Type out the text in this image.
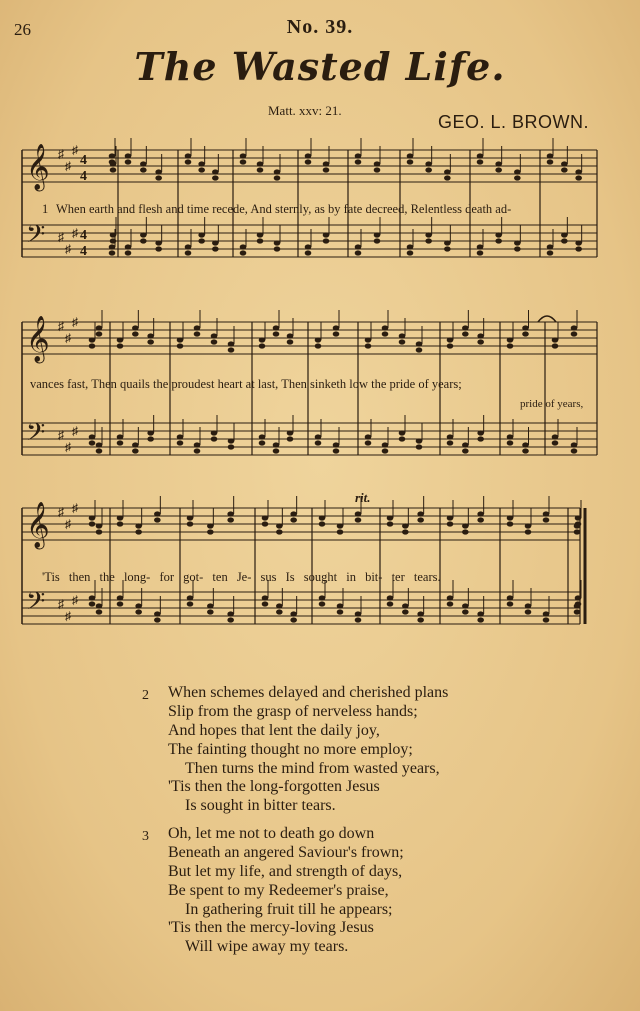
26	No. 39.
The Wasted Life.
Matt. xxv: 21.
GEO. L. BROWN.
𝄞 ♯
♯
♯
𝄢 ♯
♯
♯
𝄞 ♯
♯
♯
𝄢 ♯
♯
♯
𝄞 ♯
♯
♯
𝄢 ♯
♯
♯
4
4
4
4
1 When earth and flesh and time recede, And sternly, as by fate decreed, Relentless death ad-
vances fast, Then quails the proudest heart at last, Then sinketh low the pride of years;
pride of years,
rit.
'Tis then the long- for got- ten Je- sus Is sought in bit- ter tears.
2 When schemes delayed and cherished plans
Slip from the grasp of nerveless hands;
And hopes that lent the daily joy,
The fainting thought no more employ;
Then turns the mind from wasted years,
'Tis then the long-forgotten Jesus
Is sought in bitter tears.
3 Oh, let me not to death go down
Beneath an angered Saviour's frown;
But let my life, and strength of days,
Be spent to my Redeemer's praise,
In gathering fruit till he appears;
'Tis then the mercy-loving Jesus
Will wipe away my tears.
